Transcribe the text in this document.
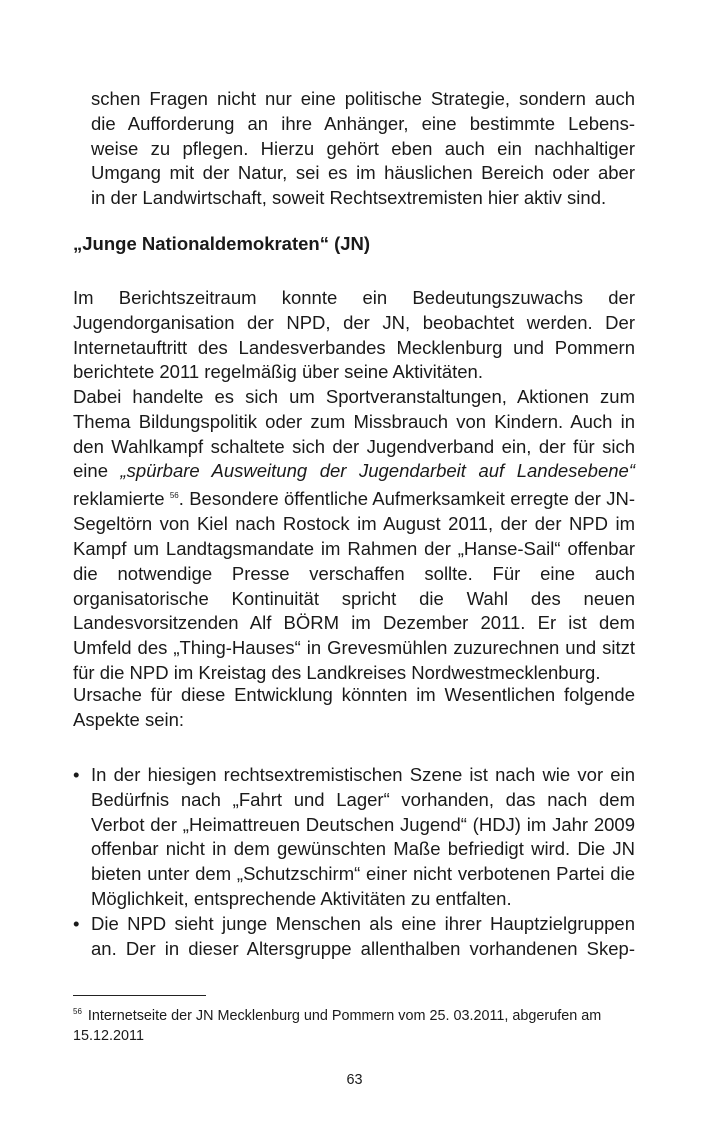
schen Fragen nicht nur eine politische Strategie, sondern auch
die Aufforderung an ihre Anhänger, eine bestimmte Lebens-
weise zu pflegen. Hierzu gehört eben auch ein nachhaltiger
Umgang mit der Natur, sei es im häuslichen Bereich oder aber
in der Landwirtschaft, soweit Rechtsextremisten hier aktiv sind.

„Junge Nationaldemokraten“ (JN)

Im Berichtszeitraum konnte ein Bedeutungszuwachs der Jugendorganisation der NPD, der JN, beobachtet werden. Der Internetauftritt des Landesverbandes Mecklenburg und Pommern berichtete 2011 regelmäßig über seine Aktivitäten.

Dabei handelte es sich um Sportveranstaltungen, Aktionen zum Thema Bildungspolitik oder zum Missbrauch von Kindern. Auch in den Wahlkampf schaltete sich der Jugendverband ein, der für sich eine „spürbare Ausweitung der Jugendarbeit auf Landesebene“ reklamierte $^{56}$. Besondere öffentliche Aufmerksamkeit erregte der JN-Segeltörn von Kiel nach Rostock im August 2011, der der NPD im Kampf um Landtagsmandate im Rahmen der „Hanse-Sail“ offenbar die notwendige Presse verschaffen sollte. Für eine auch organisatorische Kontinuität spricht die Wahl des neuen Landesvorsitzenden Alf BÖRM im Dezember 2011. Er ist dem Umfeld des „Thing-Hauses“ in Grevesmühlen zuzurechnen und sitzt für die NPD im Kreistag des Landkreises Nordwestmecklenburg.

Ursache für diese Entwicklung könnten im Wesentlichen folgende Aspekte sein:

• In der hiesigen rechtsextremistischen Szene ist nach wie vor ein Bedürfnis nach „Fahrt und Lager“ vorhanden, das nach dem Verbot der „Heimattreuen Deutschen Jugend“ (HDJ) im Jahr 2009 offenbar nicht in dem gewünschten Maße befriedigt wird. Die JN bieten unter dem „Schutzschirm“ einer nicht verbotenen Partei die Möglichkeit, entsprechende Aktivitäten zu entfalten.

• Die NPD sieht junge Menschen als eine ihrer Hauptzielgruppen an. Der in dieser Altersgruppe allenthalben vorhandenen Skep-

$^{56}$ Internetseite der JN Mecklenburg und Pommern vom 25. 03.2011, abgerufen am 15.12.2011

63
